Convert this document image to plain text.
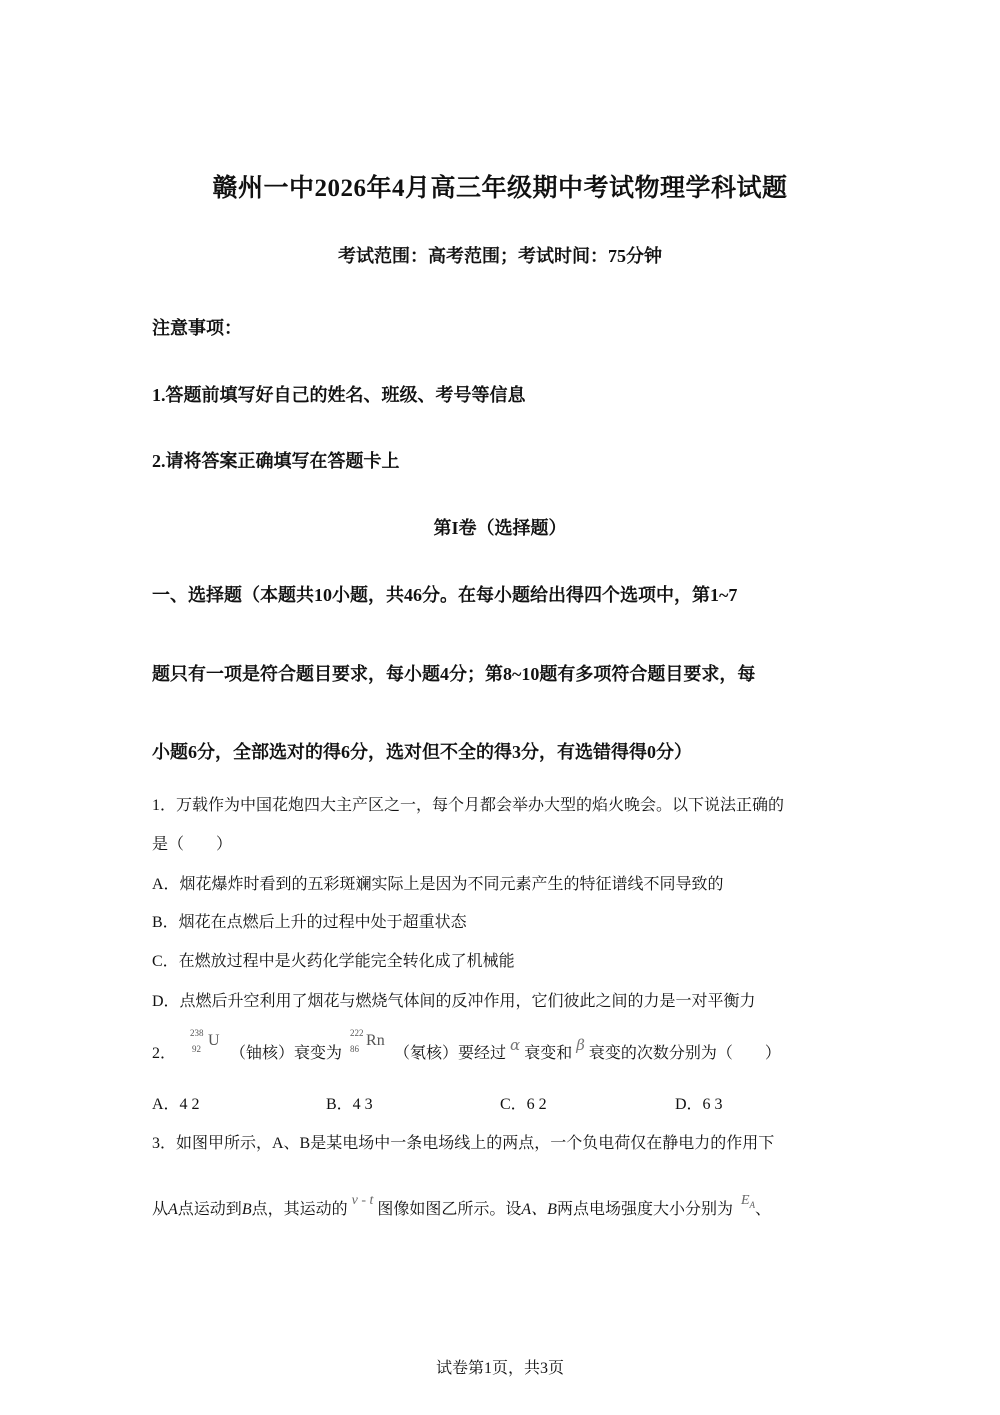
赣州一中2026年4月高三年级期中考试物理学科试题
考试范围：高考范围；考试时间：75分钟
注意事项：
1.答题前填写好自己的姓名、班级、考号等信息
2.请将答案正确填写在答题卡上
第I卷（选择题）
一、选择题（本题共10小题，共46分。在每小题给出得四个选项中，第1~7
题只有一项是符合题目要求，每小题4分；第8~10题有多项符合题目要求，每
小题6分，全部选对的得6分，选对但不全的得3分，有选错得得0分）
1．万载作为中国花炮四大主产区之一，每个月都会举办大型的焰火晚会。以下说法正确的
是（　　）
A．烟花爆炸时看到的五彩斑斓实际上是因为不同元素产生的特征谱线不同导致的
B．烟花在点燃后上升的过程中处于超重状态
C．在燃放过程中是火药化学能完全转化成了机械能
D．点燃后升空利用了烟花与燃烧气体间的反冲作用，它们彼此之间的力是一对平衡力
2．
238
92 U
（铀核）衰变为
222
86 Rn
（氡核）要经过 α 衰变和 β 衰变的次数分别为（　　）
A．4 2	B．4 3	C．6 2	D．6 3
3．如图甲所示，A、B是某电场中一条电场线上的两点，一个负电荷仅在静电力的作用下
从A点运动到B点，其运动的 v - t 图像如图乙所示。设A、B两点电场强度大小分别为 $E_A$、
试卷第1页，共3页
